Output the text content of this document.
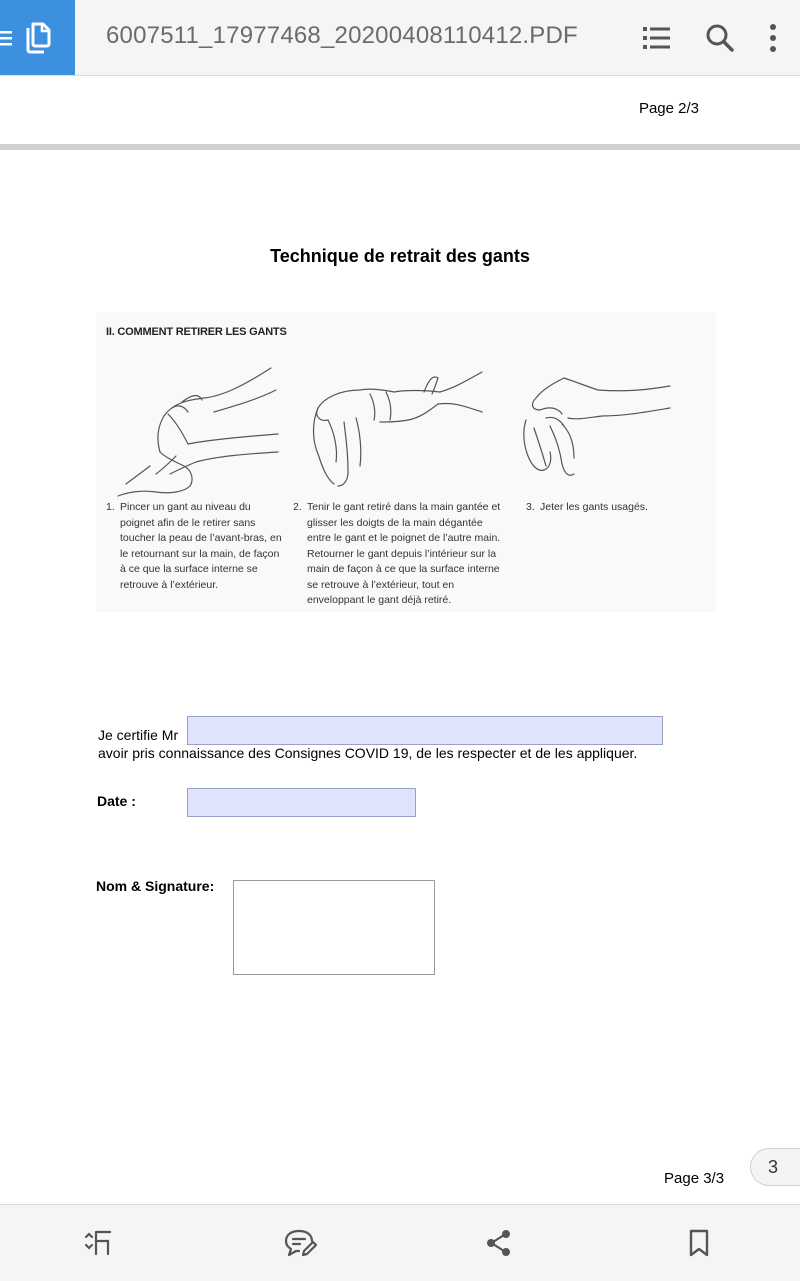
6007511_17977468_20200408110412.PDF
Page 2/3
Technique de retrait des gants
II. COMMENT RETIRER LES GANTS
1. Pincer un gant au niveau du poignet afin de le retirer sans toucher la peau de l’avant-bras, en le retournant sur la main, de façon à ce que la surface interne se retrouve à l’extérieur.
2. Tenir le gant retiré dans la main gantée et glisser les doigts de la main dégantée entre le gant et le poignet de l’autre main. Retourner le gant depuis l’intérieur sur la main de façon à ce que la surface interne se retrouve à l’extérieur, tout en enveloppant le gant déjà retiré.
3. Jeter les gants usagés.
Je certifie Mr
avoir pris connaissance des Consignes COVID 19, de les respecter et de les appliquer.
Date :
Nom & Signature:
Page 3/3
3
